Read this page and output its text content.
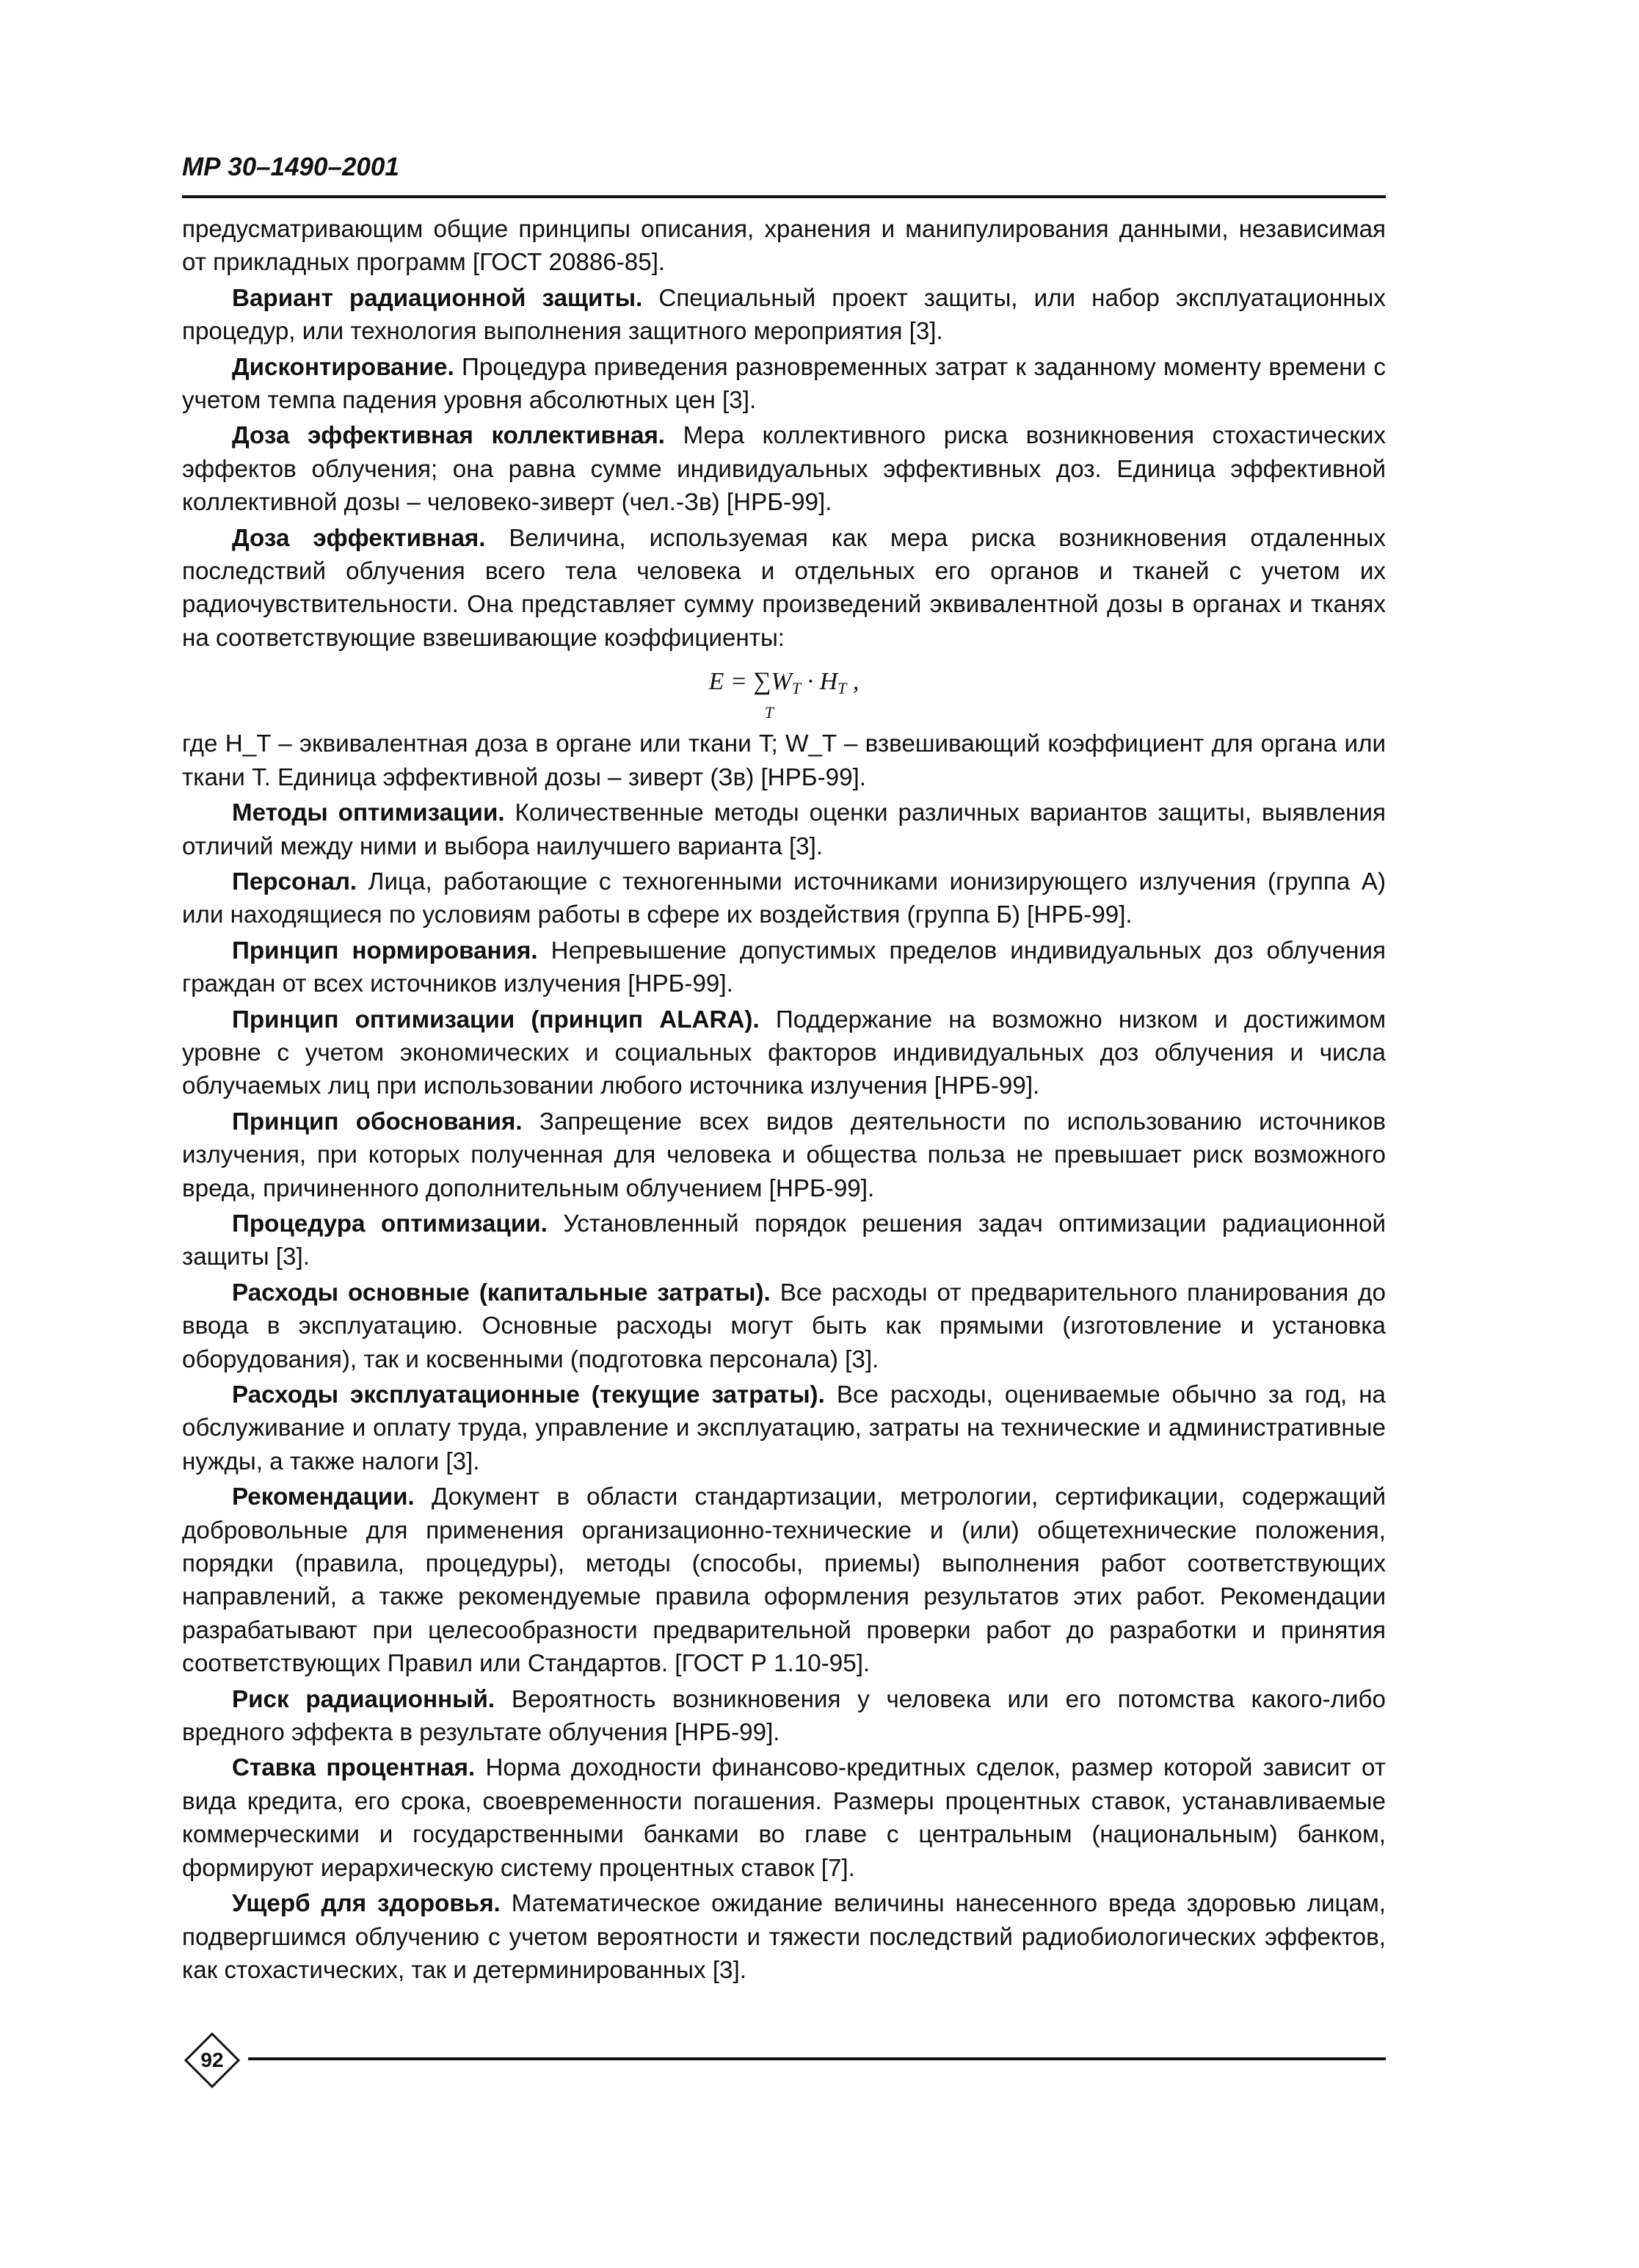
МР 30–1490–2001

предусматривающим общие принципы описания, хранения и манипулирования данными, независимая от прикладных программ [ГОСТ 20886-85].

Вариант радиационной защиты. Специальный проект защиты, или набор эксплуатационных процедур, или технология выполнения защитного мероприятия [3].

Дисконтирование. Процедура приведения разновременных затрат к заданному моменту времени с учетом темпа падения уровня абсолютных цен [3].

Доза эффективная коллективная. Мера коллективного риска возникновения стохастических эффектов облучения; она равна сумме индивидуальных эффективных доз. Единица эффективной коллективной дозы – человеко-зиверт (чел.-Зв) [НРБ-99].

Доза эффективная. Величина, используемая как мера риска возникновения отдаленных последствий облучения всего тела человека и отдельных его органов и тканей с учетом их радиочувствительности. Она представляет сумму произведений эквивалентной дозы в органах и тканях на соответствующие взвешивающие коэффициенты:

$E = \sum W_T \cdot H_T$ ,
T

где H_T – эквивалентная доза в органе или ткани T; W_T – взвешивающий коэффициент для органа или ткани T. Единица эффективной дозы – зиверт (Зв) [НРБ-99].

Методы оптимизации. Количественные методы оценки различных вариантов защиты, выявления отличий между ними и выбора наилучшего варианта [3].

Персонал. Лица, работающие с техногенными источниками ионизирующего излучения (группа А) или находящиеся по условиям работы в сфере их воздействия (группа Б) [НРБ-99].

Принцип нормирования. Непревышение допустимых пределов индивидуальных доз облучения граждан от всех источников излучения [НРБ-99].

Принцип оптимизации (принцип ALARA). Поддержание на возможно низком и достижимом уровне с учетом экономических и социальных факторов индивидуальных доз облучения и числа облучаемых лиц при использовании любого источника излучения [НРБ-99].

Принцип обоснования. Запрещение всех видов деятельности по использованию источников излучения, при которых полученная для человека и общества польза не превышает риск возможного вреда, причиненного дополнительным облучением [НРБ-99].

Процедура оптимизации. Установленный порядок решения задач оптимизации радиационной защиты [3].

Расходы основные (капитальные затраты). Все расходы от предварительного планирования до ввода в эксплуатацию. Основные расходы могут быть как прямыми (изготовление и установка оборудования), так и косвенными (подготовка персонала) [3].

Расходы эксплуатационные (текущие затраты). Все расходы, оцениваемые обычно за год, на обслуживание и оплату труда, управление и эксплуатацию, затраты на технические и административные нужды, а также налоги [3].

Рекомендации. Документ в области стандартизации, метрологии, сертификации, содержащий добровольные для применения организационно-технические и (или) общетехнические положения, порядки (правила, процедуры), методы (способы, приемы) выполнения работ соответствующих направлений, а также рекомендуемые правила оформления результатов этих работ. Рекомендации разрабатывают при целесообразности предварительной проверки работ до разработки и принятия соответствующих Правил или Стандартов. [ГОСТ Р 1.10-95].

Риск радиационный. Вероятность возникновения у человека или его потомства какого-либо вредного эффекта в результате облучения [НРБ-99].

Ставка процентная. Норма доходности финансово-кредитных сделок, размер которой зависит от вида кредита, его срока, своевременности погашения. Размеры процентных ставок, устанавливаемые коммерческими и государственными банками во главе с центральным (национальным) банком, формируют иерархическую систему процентных ставок [7].

Ущерб для здоровья. Математическое ожидание величины нанесенного вреда здоровью лицам, подвергшимся облучению с учетом вероятности и тяжести последствий радиобиологических эффектов, как стохастических, так и детерминированных [3].

92
